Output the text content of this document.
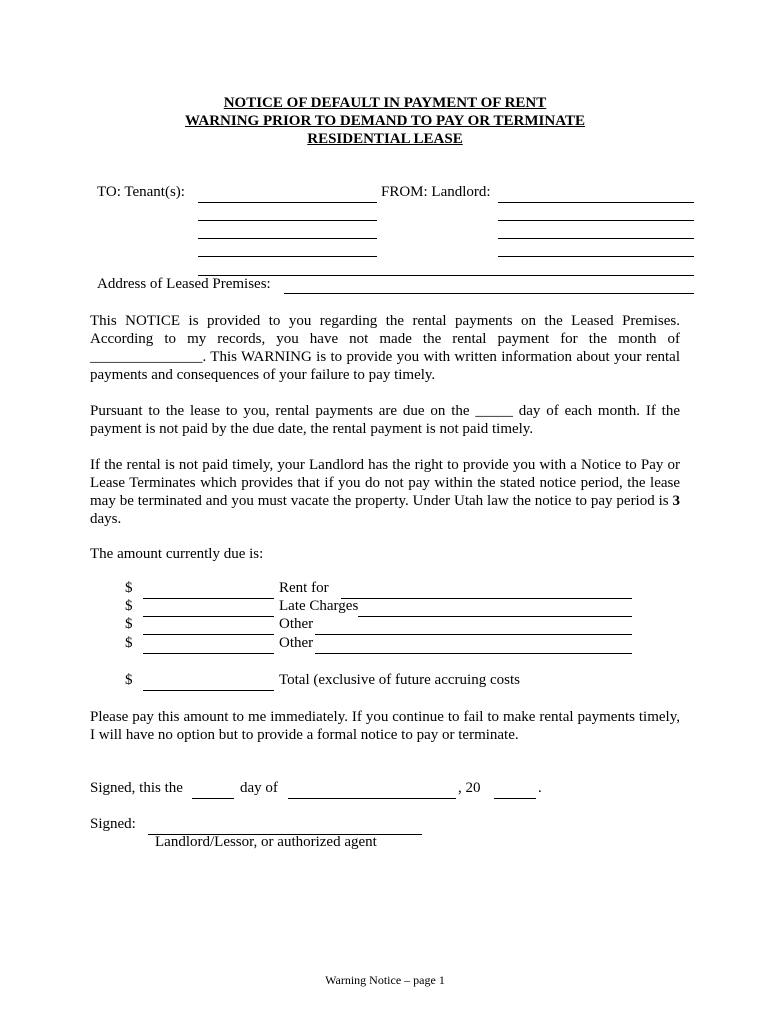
NOTICE OF DEFAULT IN PAYMENT OF RENT
WARNING PRIOR TO DEMAND TO PAY OR TERMINATE
RESIDENTIAL LEASE
TO: Tenant(s):	FROM: Landlord:
Address of Leased Premises:
This NOTICE is provided to you regarding the rental payments on the Leased Premises. According to my records, you have not made the rental payment for the month of _______________. This WARNING is to provide you with written information about your rental payments and consequences of your failure to pay timely.
Pursuant to the lease to you, rental payments are due on the _____ day of each month. If the payment is not paid by the due date, the rental payment is not paid timely.
If the rental is not paid timely, your Landlord has the right to provide you with a Notice to Pay or Lease Terminates which provides that if you do not pay within the stated notice period, the lease may be terminated and you must vacate the property. Under Utah law the notice to pay period is 3 days.
The amount currently due is:
$	Rent for
$	Late Charges
$	Other
$	Other
$	Total (exclusive of future accruing costs
Please pay this amount to me immediately. If you continue to fail to make rental payments timely, I will have no option but to provide a formal notice to pay or terminate.
Signed, this the	day of	, 20	.
Signed:
Landlord/Lessor, or authorized agent
Warning Notice – page 1
